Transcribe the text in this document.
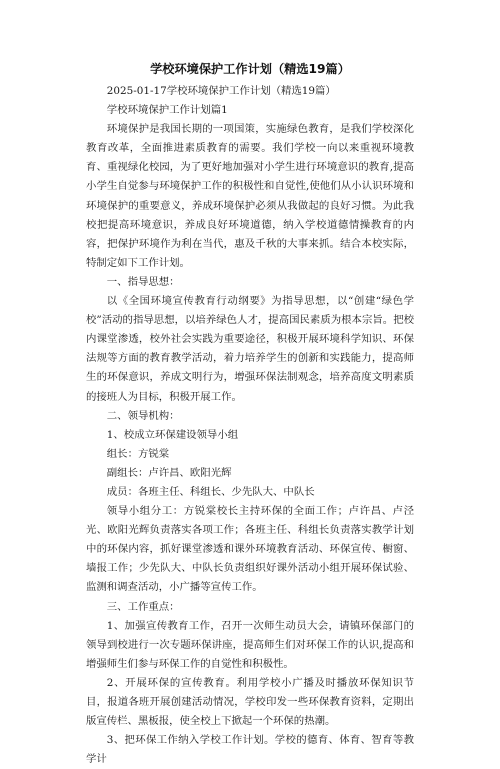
学校环境保护工作计划（精选19篇）

2025-01-17学校环境保护工作计划（精选19篇）

学校环境保护工作计划篇1

环境保护是我国长期的一项国策，实施绿色教育，是我们学校深化教育改革，全面推进素质教育的需要。我们学校一向以来重视环境教育、重视绿化校园，为了更好地加强对小学生进行环境意识的教育,提高小学生自觉参与环境保护工作的积极性和自觉性,使他们从小认识环境和环境保护的重要意义，养成环境保护必须从我做起的良好习惯。为此我校把提高环境意识，养成良好环境道德，纳入学校道德情操教育的内容，把保护环境作为利在当代，惠及千秋的大事来抓。结合本校实际，特制定如下工作计划。

一、指导思想：

以《全国环境宣传教育行动纲要》为指导思想，以“创建“绿色学校”活动的指导思想，以培养绿色人才，提高国民素质为根本宗旨。把校内课堂渗透，校外社会实践为重要途径，积极开展环境科学知识、环保法规等方面的教育教学活动，着力培养学生的创新和实践能力，提高师生的环保意识，养成文明行为，增强环保法制观念，培养高度文明素质的接班人为目标，积极开展工作。

二、领导机构：

1、校成立环保建设领导小组

组长：方锐棠

副组长：卢许昌、欧阳光辉

成员：各班主任、科组长、少先队大、中队长

领导小组分工：方锐棠校长主持环保的全面工作；卢许昌、卢泾光、欧阳光辉负责落实各项工作；各班主任、科组长负责落实教学计划中的环保内容，抓好课堂渗透和课外环境教育活动、环保宣传、橱窗、墙报工作；少先队大、中队长负责组织好课外活动小组开展环保试验、监测和调查活动，小广播等宣传工作。

三、工作重点：

1、加强宣传教育工作，召开一次师生动员大会，请镇环保部门的领导到校进行一次专题环保讲座，提高师生们对环保工作的认识,提高和增强师生们参与环保工作的自觉性和积极性。

2、开展环保的宣传教育。利用学校小广播及时播放环保知识节目，报道各班开展创建活动情况，学校印发一些环保教育资料，定期出版宣传栏、黑板报，使全校上下掀起一个环保的热潮。

3、把环保工作纳入学校工作计划。学校的德育、体育、智育等教学计
